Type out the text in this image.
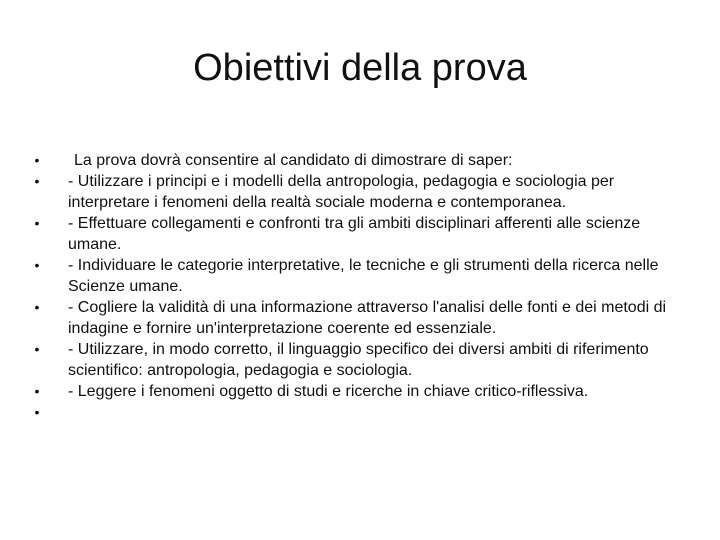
Obiettivi della prova
•	La prova dovrà consentire al candidato di dimostrare di saper:
• - Utilizzare i principi e i modelli della antropologia, pedagogia e sociologia per interpretare i fenomeni della realtà sociale moderna e contemporanea.
• - Effettuare collegamenti e confronti tra gli ambiti disciplinari afferenti alle scienze umane.
• - Individuare le categorie interpretative, le tecniche e gli strumenti della ricerca nelle Scienze umane.
• - Cogliere la validità di una informazione attraverso l'analisi delle fonti e dei metodi di indagine e fornire un'interpretazione coerente ed essenziale.
• - Utilizzare, in modo corretto, il linguaggio specifico dei diversi ambiti di riferimento scientifico: antropologia, pedagogia e sociologia.
• - Leggere i fenomeni oggetto di studi e ricerche in chiave critico-riflessiva.
•
